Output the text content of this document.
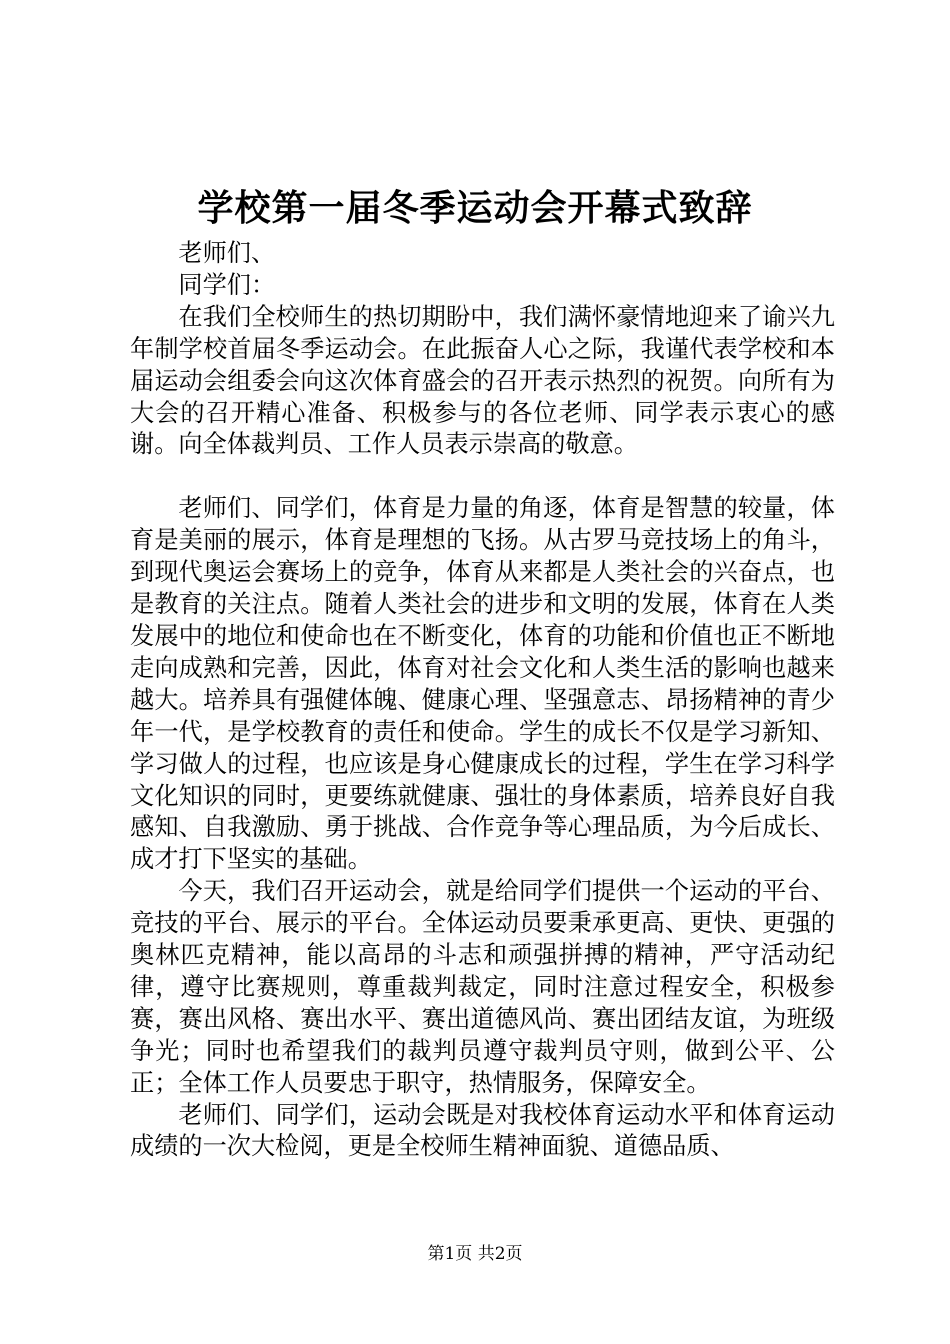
学校第一届冬季运动会开幕式致辞

老师们、

同学们：

在我们全校师生的热切期盼中，我们满怀豪情地迎来了谕兴九年制学校首届冬季运动会。在此振奋人心之际，我谨代表学校和本届运动会组委会向这次体育盛会的召开表示热烈的祝贺。向所有为大会的召开精心准备、积极参与的各位老师、同学表示衷心的感谢。向全体裁判员、工作人员表示崇高的敬意。

老师们、同学们，体育是力量的角逐，体育是智慧的较量，体育是美丽的展示，体育是理想的飞扬。从古罗马竞技场上的角斗，到现代奥运会赛场上的竞争，体育从来都是人类社会的兴奋点，也是教育的关注点。随着人类社会的进步和文明的发展，体育在人类发展中的地位和使命也在不断变化，体育的功能和价值也正不断地走向成熟和完善，因此，体育对社会文化和人类生活的影响也越来越大。培养具有强健体魄、健康心理、坚强意志、昂扬精神的青少年一代，是学校教育的责任和使命。学生的成长不仅是学习新知、学习做人的过程，也应该是身心健康成长的过程，学生在学习科学文化知识的同时，更要练就健康、强壮的身体素质，培养良好自我感知、自我激励、勇于挑战、合作竞争等心理品质，为今后成长、成才打下坚实的基础。

今天，我们召开运动会，就是给同学们提供一个运动的平台、竞技的平台、展示的平台。全体运动员要秉承更高、更快、更强的奥林匹克精神，能以高昂的斗志和顽强拼搏的精神，严守活动纪律，遵守比赛规则，尊重裁判裁定，同时注意过程安全，积极参赛，赛出风格、赛出水平、赛出道德风尚、赛出团结友谊，为班级争光；同时也希望我们的裁判员遵守裁判员守则，做到公平、公正；全体工作人员要忠于职守，热情服务，保障安全。

老师们、同学们，运动会既是对我校体育运动水平和体育运动成绩的一次大检阅，更是全校师生精神面貌、道德品质、

第1页 共2页
